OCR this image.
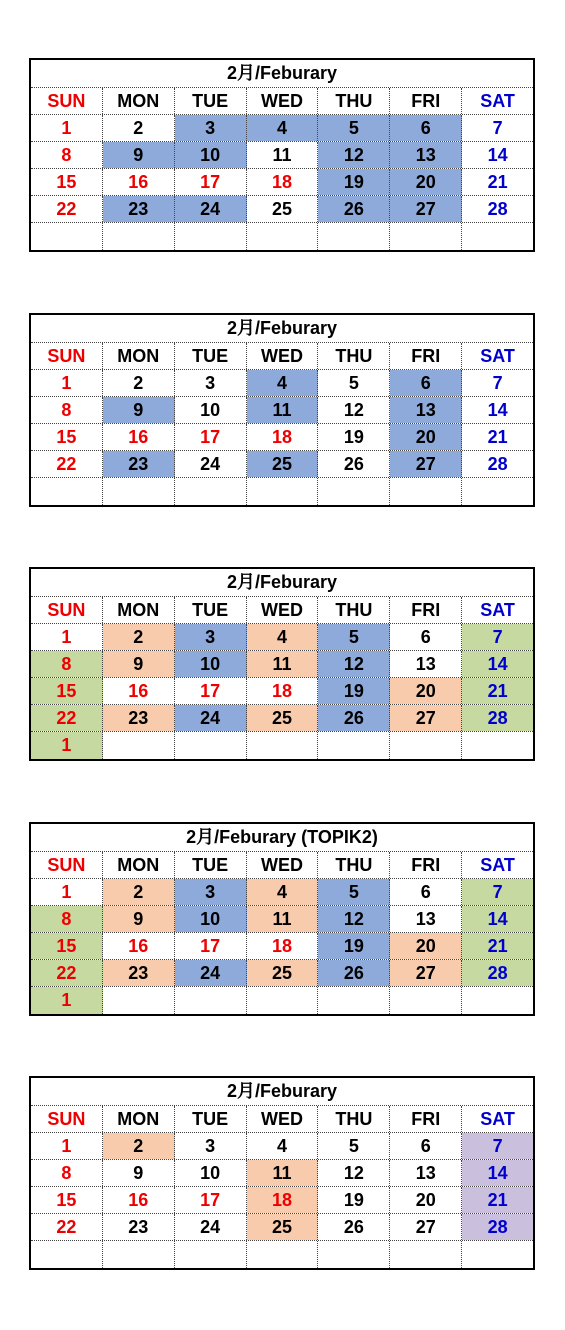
2月/Feburary
SUN	MON	TUE	WED	THU	FRI	SAT
1	2	3	4	5	6	7
8	9	10	11	12	13	14
15	16	17	18	19	20	21
22	23	24	25	26	27	28
2月/Feburary
SUN	MON	TUE	WED	THU	FRI	SAT
1	2	3	4	5	6	7
8	9	10	11	12	13	14
15	16	17	18	19	20	21
22	23	24	25	26	27	28
2月/Feburary
SUN	MON	TUE	WED	THU	FRI	SAT
1	2	3	4	5	6	7
8	9	10	11	12	13	14
15	16	17	18	19	20	21
22	23	24	25	26	27	28
1
2月/Feburary (TOPIK2)
SUN	MON	TUE	WED	THU	FRI	SAT
1	2	3	4	5	6	7
8	9	10	11	12	13	14
15	16	17	18	19	20	21
22	23	24	25	26	27	28
1
2月/Feburary
SUN	MON	TUE	WED	THU	FRI	SAT
1	2	3	4	5	6	7
8	9	10	11	12	13	14
15	16	17	18	19	20	21
22	23	24	25	26	27	28
